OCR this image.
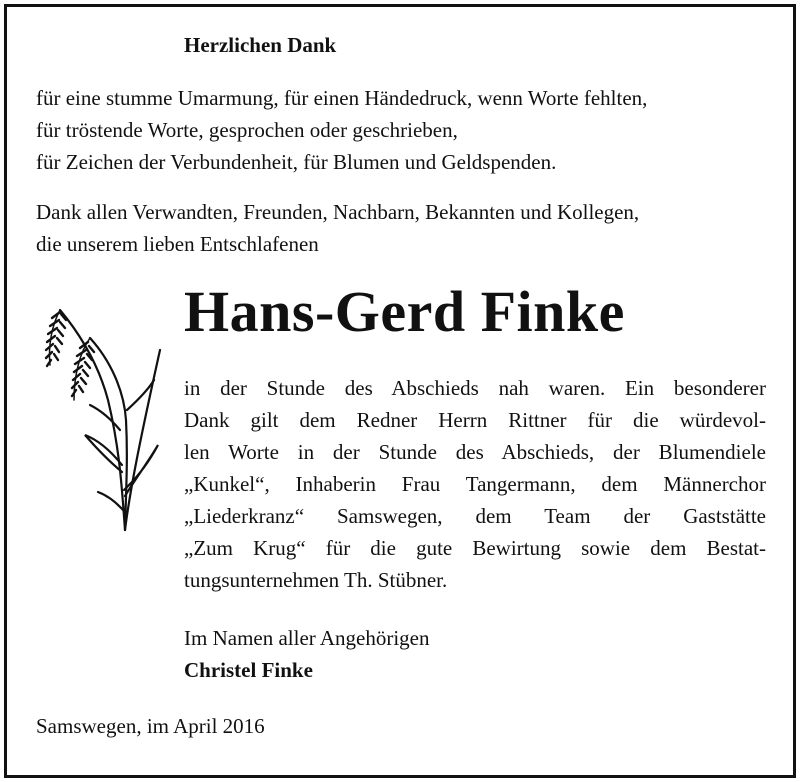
Herzlichen Dank
für eine stumme Umarmung, für einen Händedruck, wenn Worte fehlten,
für tröstende Worte, gesprochen oder geschrieben,
für Zeichen der Verbundenheit, für Blumen und Geldspenden.
Dank allen Verwandten, Freunden, Nachbarn, Bekannten und Kollegen,
die unserem lieben Entschlafenen
Hans-Gerd Finke
in der Stunde des Abschieds nah waren. Ein besonderer
Dank gilt dem Redner Herrn Rittner für die würdevol-
len Worte in der Stunde des Abschieds, der Blumendiele
„Kunkel“, Inhaberin Frau Tangermann, dem Männerchor
„Liederkranz“ Samswegen, dem Team der Gaststätte
„Zum Krug“ für die gute Bewirtung sowie dem Bestat-
tungsunternehmen Th. Stübner.
Im Namen aller Angehörigen
Christel Finke
Samswegen, im April 2016
